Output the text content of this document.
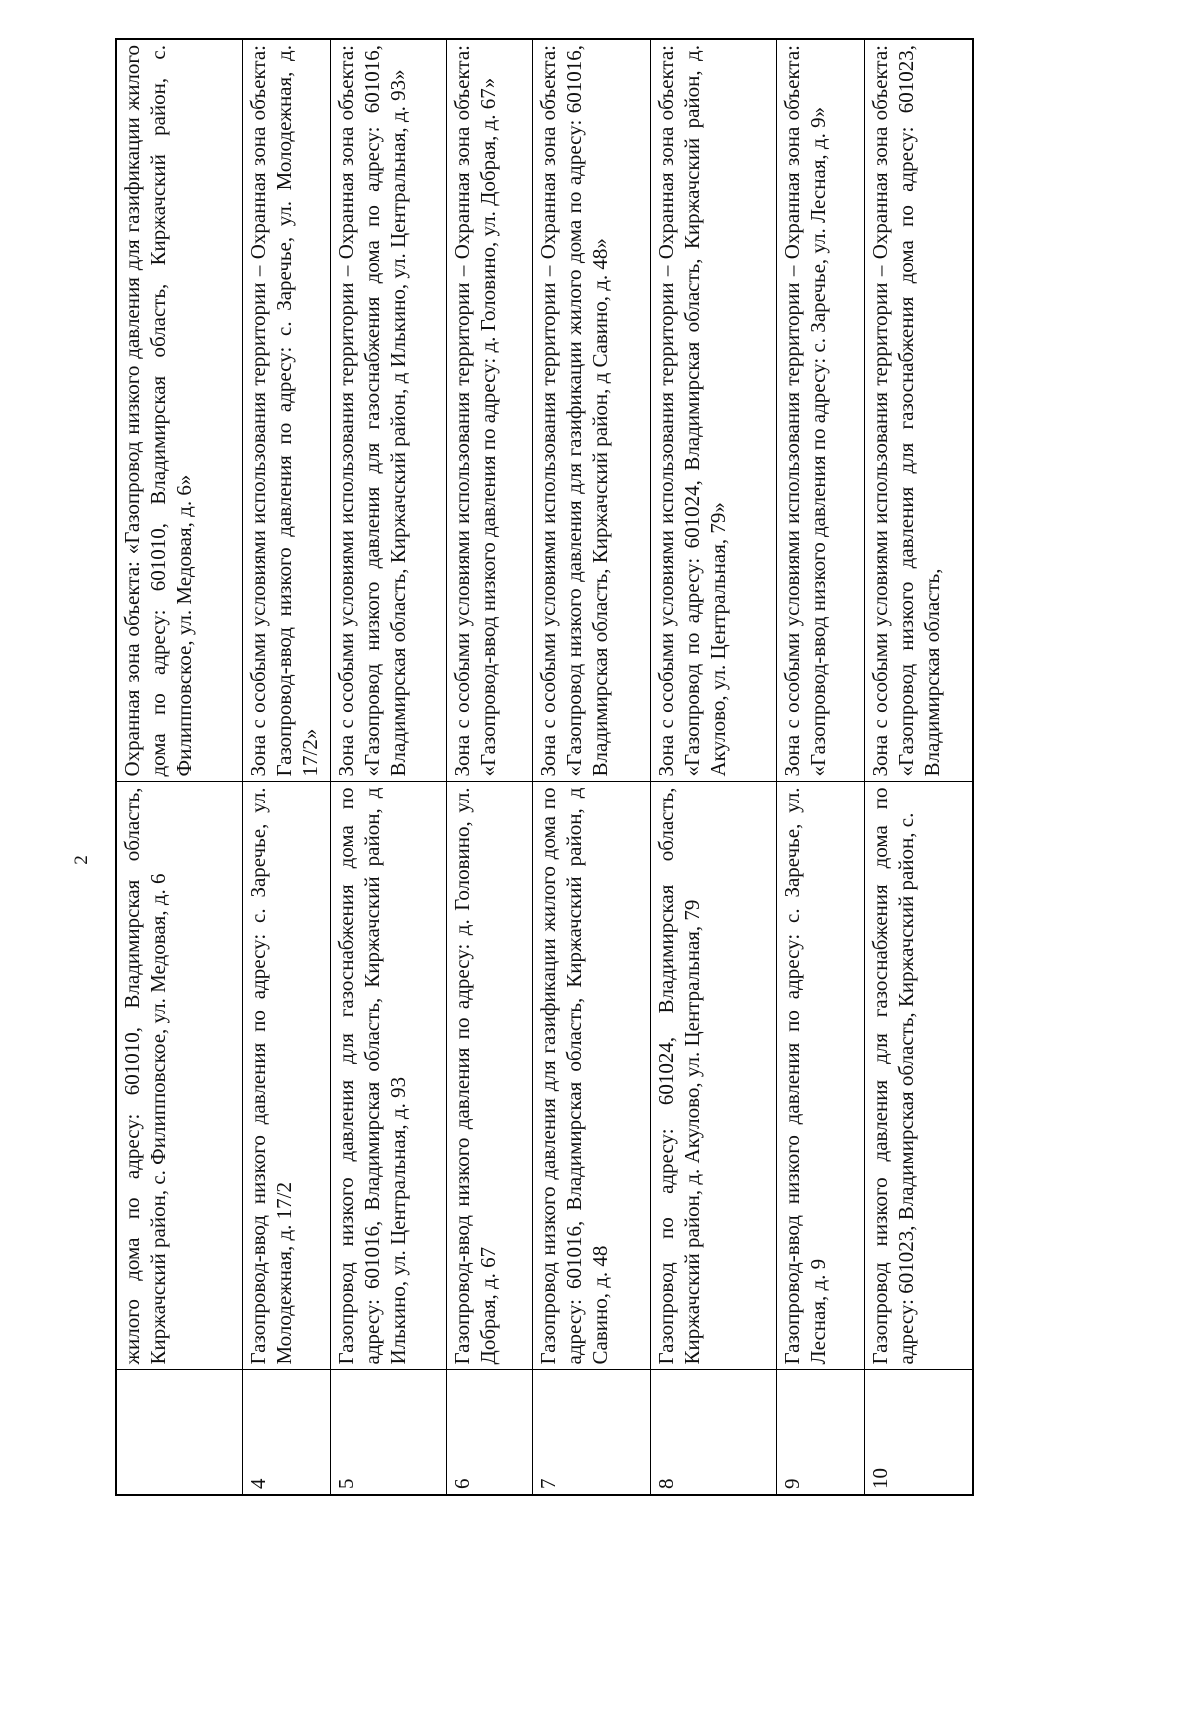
2
	жилого дома по адресу: 601010, Владимирская область, Киржачский район, с. Филипповское, ул. Медовая, д. 6	Охранная зона объекта: «Газопровод низкого давления для газификации жилого дома по адресу: 601010, Владимирская область, Киржачский район, с. Филипповское, ул. Медовая, д. 6»
4	Газопровод-ввод низкого давления по адресу: с. Заречье, ул. Молодежная, д. 17/2	Зона с особыми условиями использования территории – Охранная зона объекта: Газопровод-ввод низкого давления по адресу: с. Заречье, ул. Молодежная, д. 17/2»
5	Газопровод низкого давления для газоснабжения дома по адресу: 601016, Владимирская область, Киржачский район, д Илькино, ул. Центральная, д. 93	Зона с особыми условиями использования территории – Охранная зона объекта: «Газопровод низкого давления для газоснабжения дома по адресу: 601016, Владимирская область, Киржачский район, д Илькино, ул. Центральная, д. 93»
6	Газопровод-ввод низкого давления по адресу: д. Головино, ул. Добрая, д. 67	Зона с особыми условиями использования территории – Охранная зона объекта: «Газопровод-ввод низкого давления по адресу: д. Головино, ул. Добрая, д. 67»
7	Газопровод низкого давления для газификации жилого дома по адресу: 601016, Владимирская область, Киржачский район, д Савино, д. 48	Зона с особыми условиями использования территории – Охранная зона объекта: «Газопровод низкого давления для газификации жилого дома по адресу: 601016, Владимирская область, Киржачский район, д Савино, д. 48»
8	Газопровод по адресу: 601024, Владимирская область, Киржачский район, д. Акулово, ул. Центральная, 79	Зона с особыми условиями использования территории – Охранная зона объекта: «Газопровод по адресу: 601024, Владимирская область, Киржачский район, д. Акулово, ул. Центральная, 79»
9	Газопровод-ввод низкого давления по адресу: с. Заречье, ул. Лесная, д. 9	Зона с особыми условиями использования территории – Охранная зона объекта: «Газопровод-ввод низкого давления по адресу: с. Заречье, ул. Лесная, д. 9»
10	Газопровод низкого давления для газоснабжения дома по адресу: 601023, Владимирская область, Киржачский район, с.	Зона с особыми условиями использования территории – Охранная зона объекта: «Газопровод низкого давления для газоснабжения дома по адресу: 601023, Владимирская область,
